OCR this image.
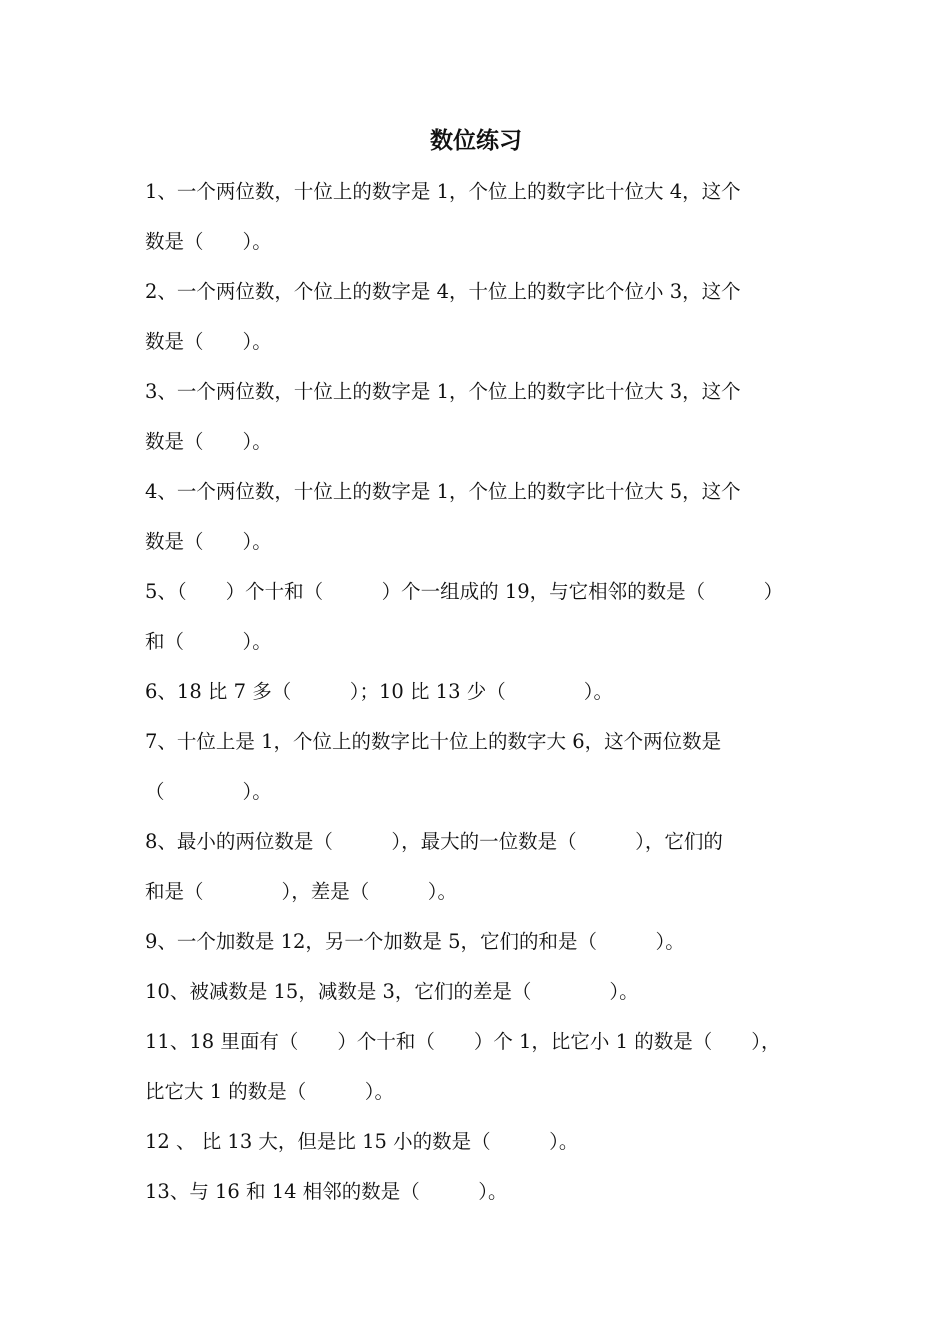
数位练习
1、一个两位数，十位上的数字是 1，个位上的数字比十位大 4，这个
数是（　　）。
2、一个两位数，个位上的数字是 4，十位上的数字比个位小 3，这个
数是（　　）。
3、一个两位数，十位上的数字是 1，个位上的数字比十位大 3，这个
数是（　　）。
4、一个两位数，十位上的数字是 1，个位上的数字比十位大 5，这个
数是（　　）。
5、（　　）个十和（　　　）个一组成的 19，与它相邻的数是（　　　）
和（　　　）。
6、18 比 7 多（　　　）；10 比 13 少（　　　　）。
7、十位上是 1，个位上的数字比十位上的数字大 6，这个两位数是
（　　　　）。
8、最小的两位数是（　　　），最大的一位数是（　　　），它们的
和是（　　　　），差是（　　　）。
9、一个加数是 12，另一个加数是 5，它们的和是（　　　）。
10、被减数是 15，减数是 3，它们的差是（　　　　）。
11、18 里面有（　　）个十和（　　）个 1，比它小 1 的数是（　　），
比它大 1 的数是（　　　）。
12 、 比 13 大，但是比 15 小的数是（　　　）。
13、与 16 和 14 相邻的数是（　　　）。
